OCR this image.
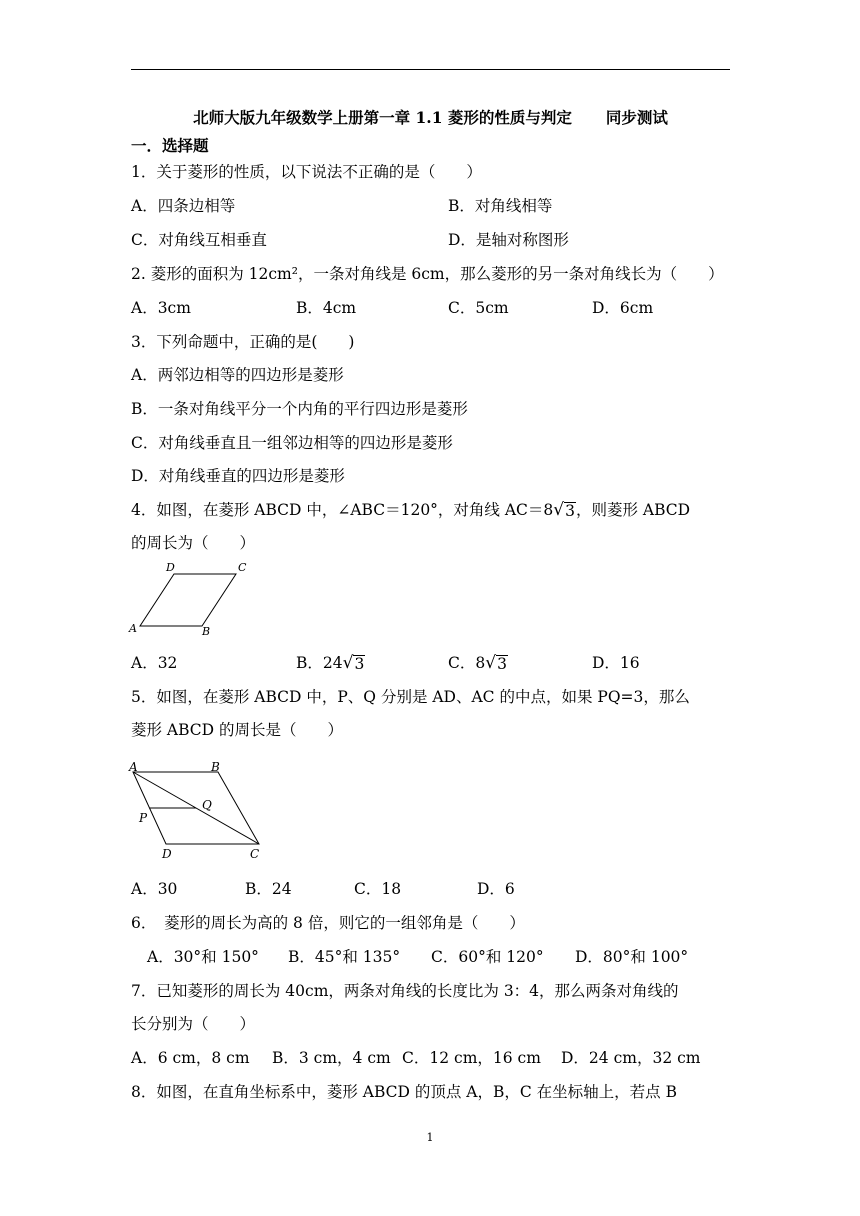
北师大版九年级数学上册第一章 1.1 菱形的性质与判定 同步测试
一．选择题
1．关于菱形的性质，以下说法不正确的是（　　）
A．四条边相等	B．对角线相等
C．对角线互相垂直	D．是轴对称图形
2. 菱形的面积为 12cm²，一条对角线是 6cm，那么菱形的另一条对角线长为（　　）
A．3cm	B．4cm	C．5cm	D．6cm
3．下列命题中，正确的是(　　)
A．两邻边相等的四边形是菱形
B．一条对角线平分一个内角的平行四边形是菱形
C．对角线垂直且一组邻边相等的四边形是菱形
D．对角线垂直的四边形是菱形
4．如图，在菱形 ABCD 中，∠ABC＝120°，对角线 AC＝8 √ 3 ，则菱形 ABCD
的周长为（　　）
D	C
A	B
A．32	B．24 √ 3	C．8 √ 3	D．16
5．如图，在菱形 ABCD 中，P、Q 分别是 AD、AC 的中点，如果 PQ=3，那么
菱形 ABCD 的周长是（　　）
A	B
Q
P
D	C
A．30	B．24	C．18	D．6
6．　菱形的周长为高的 8 倍，则它的一组邻角是（　　）
A．30°和 150° B．45°和 135° C．60°和 120° D．80°和 100°
7．已知菱形的周长为 40cm，两条对角线的长度比为 3：4，那么两条对角线的
长分别为（　　）
A．6 cm，8 cm B．3 cm，4 cm C．12 cm，16 cm D．24 cm，32 cm
8．如图，在直角坐标系中，菱形 ABCD 的顶点 A，B，C 在坐标轴上，若点 B
1
